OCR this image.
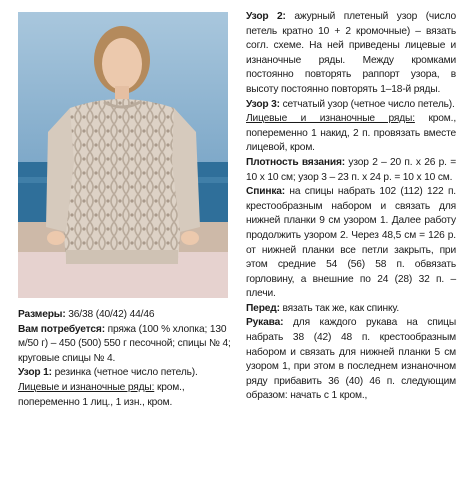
Размеры: 36/38 (40/42) 44/46

Вам потребуется: пряжа (100 % хлопка; 130 м/50 г) – 450 (500) 550 г песочной; спицы № 4; круговые спицы № 4.

Узор 1: резинка (четное число петель).

Лицевые и изнаночные ряды: кром., попеременно 1 лиц., 1 изн., кром.

Узор 2: ажурный плетеный узор (число петель кратно 10 + 2 кромочные) – вязать согл. схеме. На ней приведены лицевые и изнаночные ряды. Между кромками постоянно повторять раппорт узора, в высоту постоянно повторять 1–18-й ряды.

Узор 3: сетчатый узор (четное число петель).

Лицевые и изнаночные ряды: кром., попеременно 1 накид, 2 п. провязать вместе лицевой, кром.

Плотность вязания: узор 2 – 20 п. x 26 р. = 10 x 10 см; узор 3 – 23 п. x 24 р. = 10 x 10 см.

Спинка: на спицы набрать 102 (112) 122 п. крестообразным набором и связать для нижней планки 9 см узором 1. Далее работу продолжить узором 2. Через 48,5 см = 126 р. от нижней планки все петли закрыть, при этом средние 54 (56) 58 п. обвязать горловину, а внешние по 24 (28) 32 п. – плечи.

Перед: вязать так же, как спинку.

Рукава: для каждого рукава на спицы набрать 38 (42) 48 п. крестообразным набором и связать для нижней планки 5 см узором 1, при этом в последнем изнаночном ряду прибавить 36 (40) 46 п. следующим образом: начать с 1 кром.,
